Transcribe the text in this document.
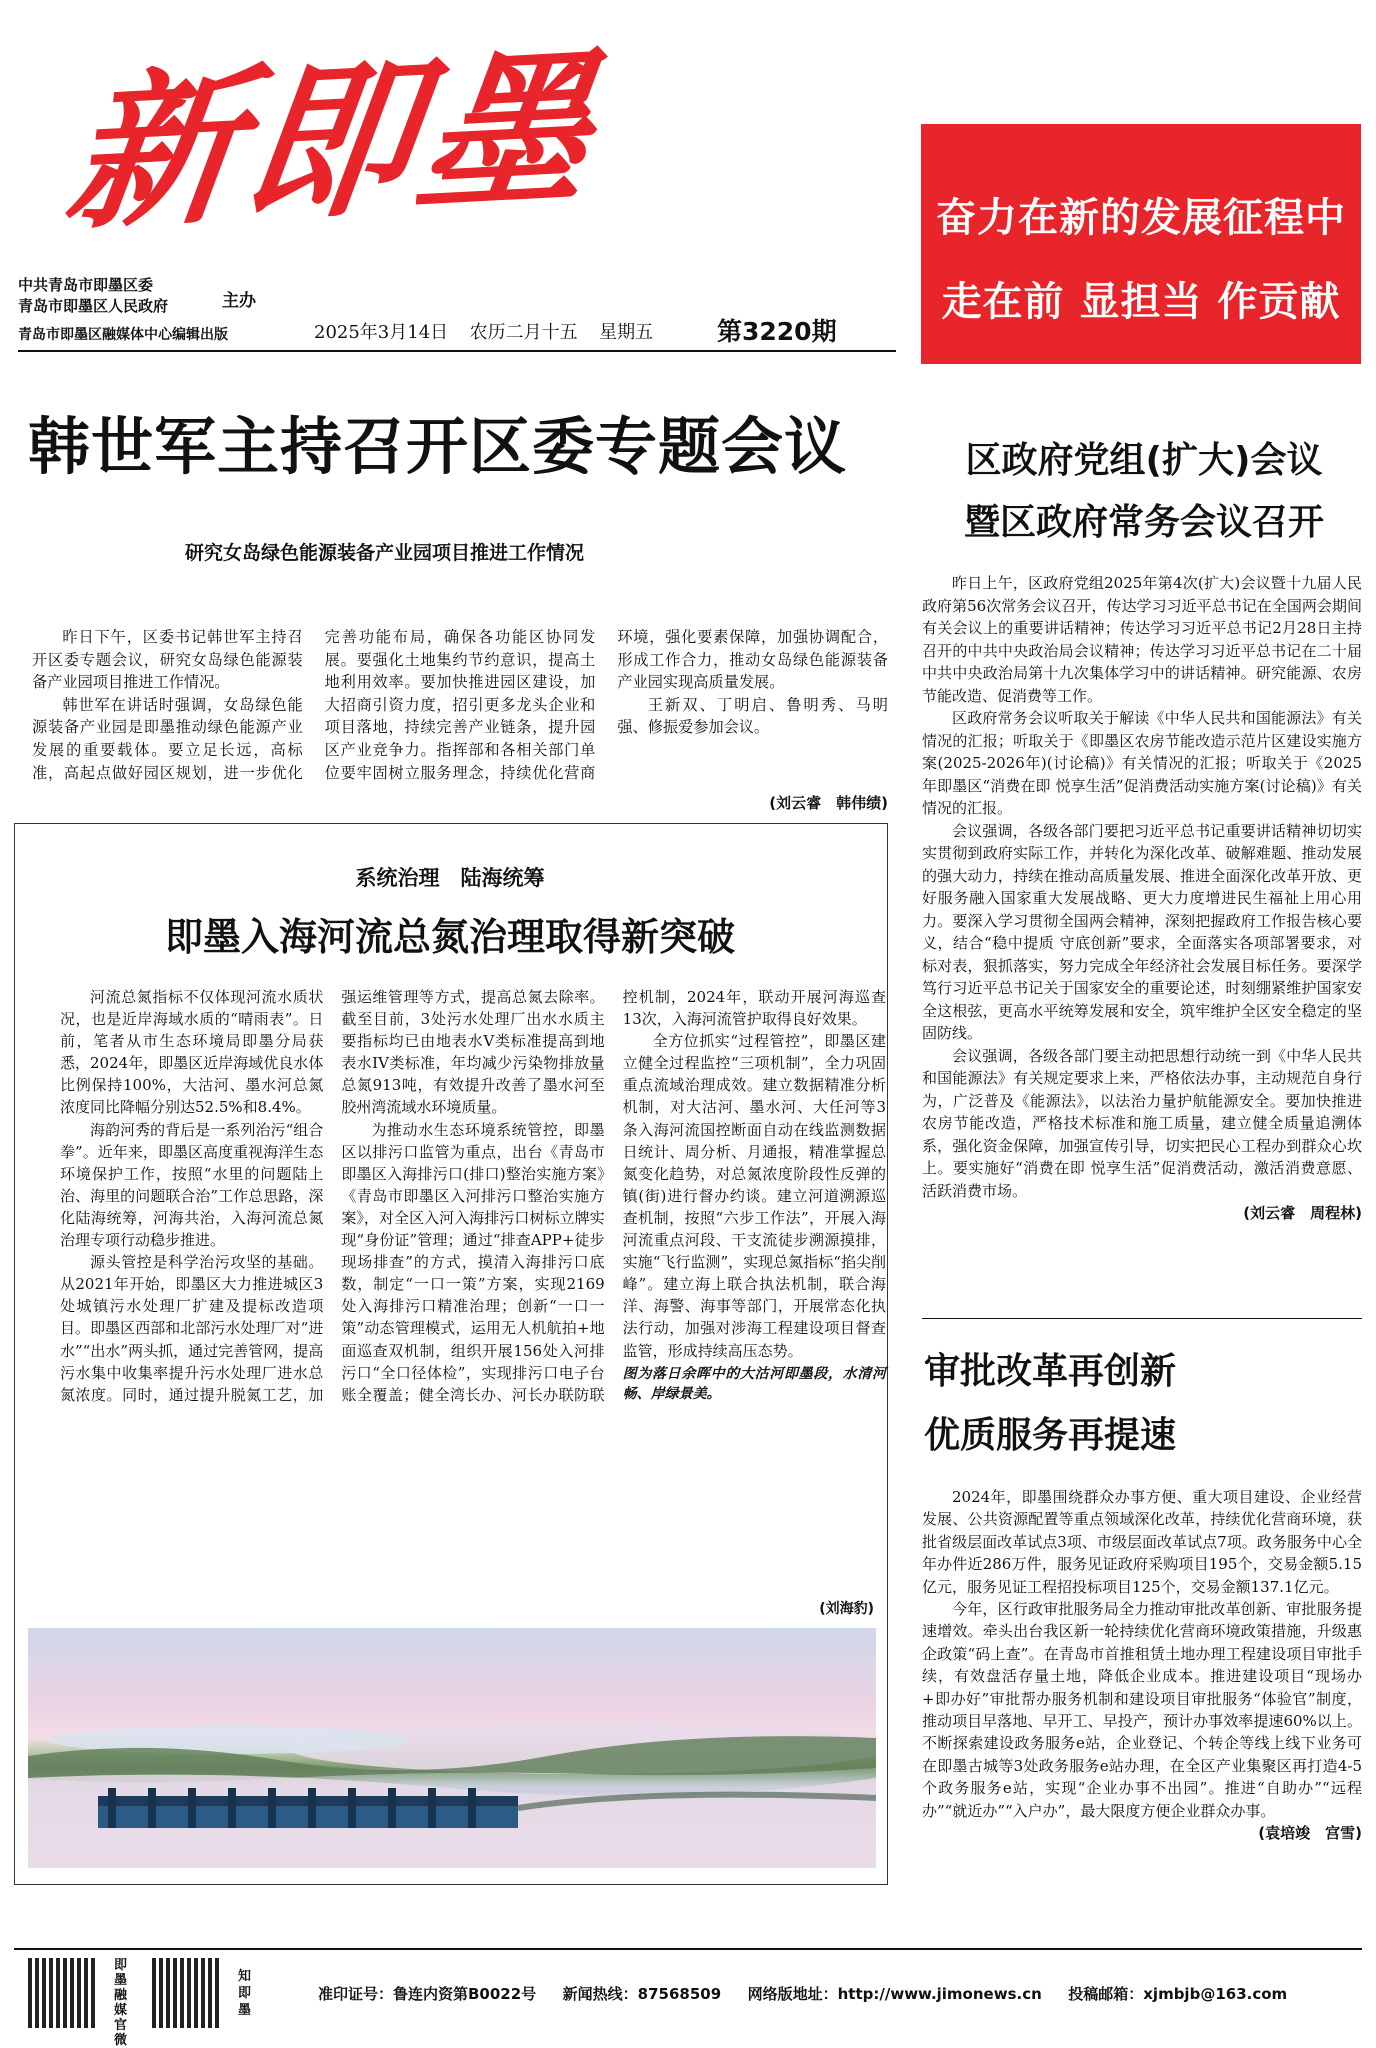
新即墨
中共青岛市即墨区委
青岛市即墨区人民政府	主办
青岛市即墨区融媒体中心编辑出版	2025年3月14日 农历二月十五 星期五	第3220期
奋力在新的发展征程中
走在前 显担当 作贡献
韩世军主持召开区委专题会议
研究女岛绿色能源装备产业园项目推进工作情况

昨日下午，区委书记韩世军主持召开区委专题会议，研究女岛绿色能源装备产业园项目推进工作情况。

韩世军在讲话时强调，女岛绿色能源装备产业园是即墨推动绿色能源产业发展的重要载体。要立足长远，高标准，高起点做好园区规划，进一步优化完善功能布局，确保各功能区协同发展。要强化土地集约节约意识，提高土地利用效率。要加快推进园区建设，加大招商引资力度，招引更多龙头企业和项目落地，持续完善产业链条，提升园区产业竞争力。指挥部和各相关部门单位要牢固树立服务理念，持续优化营商环境，强化要素保障，加强协调配合，形成工作合力，推动女岛绿色能源装备产业园实现高质量发展。

王新双、丁明启、鲁明秀、马明强、修振爱参加会议。

(刘云睿　韩伟绩)
系统治理　陆海统筹
即墨入海河流总氮治理取得新突破

河流总氮指标不仅体现河流水质状况，也是近岸海域水质的“晴雨表”。日前，笔者从市生态环境局即墨分局获悉，2024年，即墨区近岸海域优良水体比例保持100%，大沽河、墨水河总氮浓度同比降幅分别达52.5%和8.4%。

海韵河秀的背后是一系列治污“组合拳”。近年来，即墨区高度重视海洋生态环境保护工作，按照“水里的问题陆上治、海里的问题联合治”工作总思路，深化陆海统筹，河海共治，入海河流总氮治理专项行动稳步推进。

源头管控是科学治污攻坚的基础。从2021年开始，即墨区大力推进城区3处城镇污水处理厂扩建及提标改造项目。即墨区西部和北部污水处理厂对“进水”“出水”两头抓，通过完善管网，提高污水集中收集率提升污水处理厂进水总氮浓度。同时，通过提升脱氮工艺，加强运维管理等方式，提高总氮去除率。截至目前，3处污水处理厂出水水质主要指标均已由地表水V类标准提高到地表水IV类标准，年均减少污染物排放量总氮913吨，有效提升改善了墨水河至胶州湾流域水环境质量。

为推动水生态环境系统管控，即墨区以排污口监管为重点，出台《青岛市即墨区入海排污口(排口)整治实施方案》《青岛市即墨区入河排污口整治实施方案》，对全区入河入海排污口树标立牌实现“身份证”管理；通过“排查APP+徒步现场排查”的方式，摸清入海排污口底数，制定“一口一策”方案，实现2169处入海排污口精准治理；创新“一口一策”动态管理模式，运用无人机航拍+地面巡查双机制，组织开展156处入河排污口“全口径体检”，实现排污口电子台账全覆盖；健全湾长办、河长办联防联控机制，2024年，联动开展河海巡查13次，入海河流管护取得良好效果。

全方位抓实“过程管控”，即墨区建立健全过程监控“三项机制”，全力巩固重点流域治理成效。建立数据精准分析机制，对大沽河、墨水河、大任河等3条入海河流国控断面自动在线监测数据日统计、周分析、月通报，精准掌握总氮变化趋势，对总氮浓度阶段性反弹的镇(街)进行督办约谈。建立河道溯源巡查机制，按照“六步工作法”，开展入海河流重点河段、干支流徒步溯源摸排，实施“飞行监测”，实现总氮指标“掐尖削峰”。建立海上联合执法机制，联合海洋、海警、海事等部门，开展常态化执法行动，加强对涉海工程建设项目督查监管，形成持续高压态势。

图为落日余晖中的大沽河即墨段，水清河畅、岸绿景美。

(刘海豹)
区政府党组(扩大)会议
暨区政府常务会议召开

昨日上午，区政府党组2025年第4次(扩大)会议暨十九届人民政府第56次常务会议召开，传达学习习近平总书记在全国两会期间有关会议上的重要讲话精神；传达学习习近平总书记2月28日主持召开的中共中央政治局会议精神；传达学习习近平总书记在二十届中共中央政治局第十九次集体学习中的讲话精神。研究能源、农房节能改造、促消费等工作。

区政府常务会议听取关于解读《中华人民共和国能源法》有关情况的汇报；听取关于《即墨区农房节能改造示范片区建设实施方案(2025-2026年)(讨论稿)》有关情况的汇报；听取关于《2025年即墨区“消费在即 悦享生活”促消费活动实施方案(讨论稿)》有关情况的汇报。

会议强调，各级各部门要把习近平总书记重要讲话精神切切实实贯彻到政府实际工作，并转化为深化改革、破解难题、推动发展的强大动力，持续在推动高质量发展、推进全面深化改革开放、更好服务融入国家重大发展战略、更大力度增进民生福祉上用心用力。要深入学习贯彻全国两会精神，深刻把握政府工作报告核心要义，结合“稳中提质 守底创新”要求，全面落实各项部署要求，对标对表，狠抓落实，努力完成全年经济社会发展目标任务。要深学笃行习近平总书记关于国家安全的重要论述，时刻绷紧维护国家安全这根弦，更高水平统筹发展和安全，筑牢维护全区安全稳定的坚固防线。

会议强调，各级各部门要主动把思想行动统一到《中华人民共和国能源法》有关规定要求上来，严格依法办事，主动规范自身行为，广泛普及《能源法》，以法治力量护航能源安全。要加快推进农房节能改造，严格技术标准和施工质量，建立健全质量追溯体系，强化资金保障，加强宣传引导，切实把民心工程办到群众心坎上。要实施好“消费在即 悦享生活”促消费活动，激活消费意愿、活跃消费市场。

(刘云睿　周程林)
审批改革再创新
优质服务再提速

2024年，即墨围绕群众办事方便、重大项目建设、企业经营发展、公共资源配置等重点领域深化改革，持续优化营商环境，获批省级层面改革试点3项、市级层面改革试点7项。政务服务中心全年办件近286万件，服务见证政府采购项目195个，交易金额5.15亿元，服务见证工程招投标项目125个，交易金额137.1亿元。

今年，区行政审批服务局全力推动审批改革创新、审批服务提速增效。牵头出台我区新一轮持续优化营商环境政策措施，升级惠企政策“码上查”。在青岛市首推租赁土地办理工程建设项目审批手续，有效盘活存量土地，降低企业成本。推进建设项目“现场办+即办好”审批帮办服务机制和建设项目审批服务“体验官”制度，推动项目早落地、早开工、早投产，预计办事效率提速60%以上。不断探索建设政务服务e站，企业登记、个转企等线上线下业务可在即墨古城等3处政务服务e站办理，在全区产业集聚区再打造4-5个政务服务e站，实现“企业办事不出园”。推进“自助办”“远程办”“就近办”“入户办”，最大限度方便企业群众办事。

(袁培竣　宫雪)
即墨融媒官微
知即墨
准印证号：鲁连内资第B0022号 新闻热线：87568509 网络版地址：http://www.jimonews.cn 投稿邮箱：xjmbjb@163.com
